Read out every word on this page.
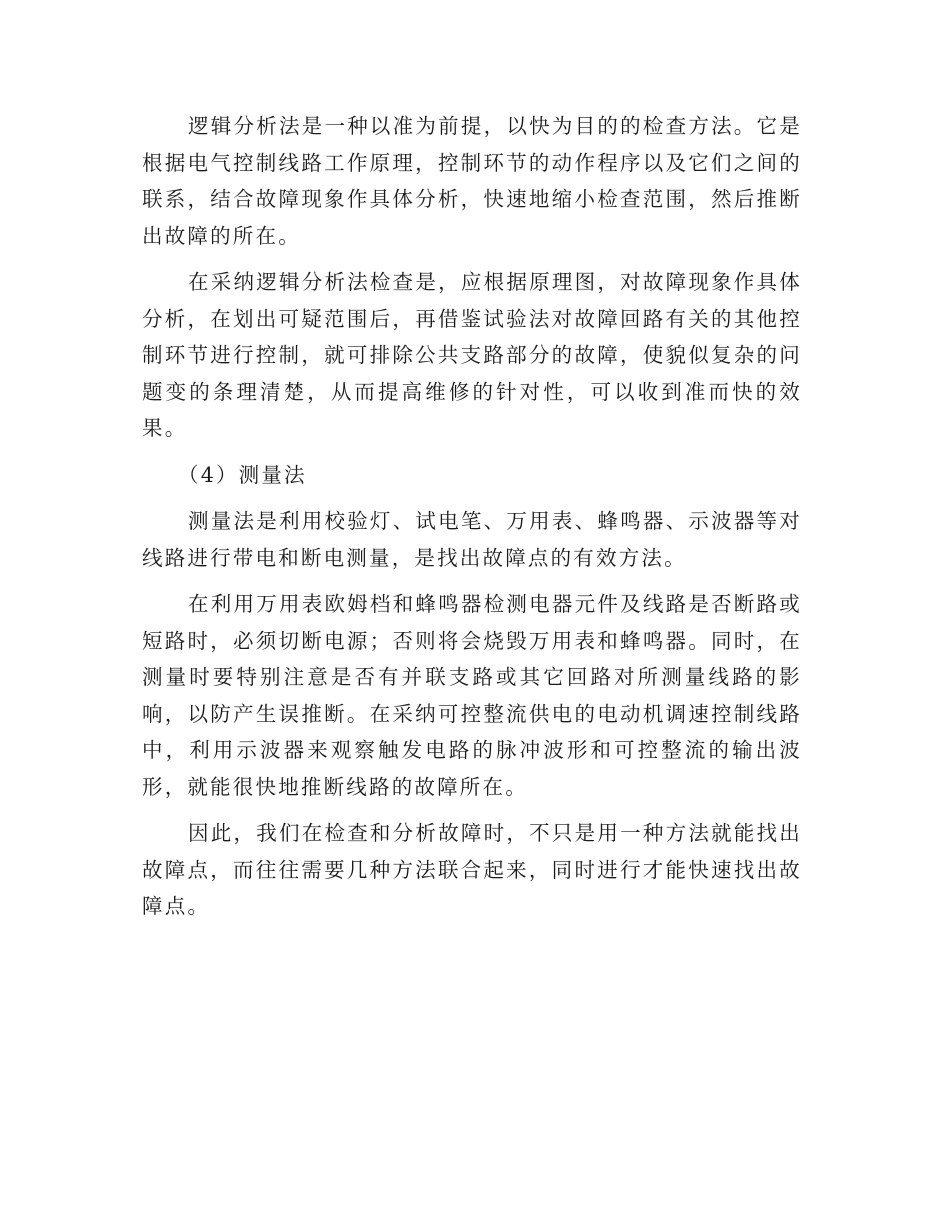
逻辑分析法是一种以准为前提，以快为目的的检查方法。它是根据电气控制线路工作原理，控制环节的动作程序以及它们之间的联系，结合故障现象作具体分析，快速地缩小检查范围，然后推断出故障的所在。

在采纳逻辑分析法检查是，应根据原理图，对故障现象作具体分析，在划出可疑范围后，再借鉴试验法对故障回路有关的其他控制环节进行控制，就可排除公共支路部分的故障，使貌似复杂的问题变的条理清楚，从而提高维修的针对性，可以收到准而快的效果。

（4）测量法

测量法是利用校验灯、试电笔、万用表、蜂鸣器、示波器等对线路进行带电和断电测量，是找出故障点的有效方法。

在利用万用表欧姆档和蜂鸣器检测电器元件及线路是否断路或短路时，必须切断电源；否则将会烧毁万用表和蜂鸣器。同时，在测量时要特别注意是否有并联支路或其它回路对所测量线路的影响，以防产生误推断。在采纳可控整流供电的电动机调速控制线路中，利用示波器来观察触发电路的脉冲波形和可控整流的输出波形，就能很快地推断线路的故障所在。

因此，我们在检查和分析故障时，不只是用一种方法就能找出故障点，而往往需要几种方法联合起来，同时进行才能快速找出故障点。
